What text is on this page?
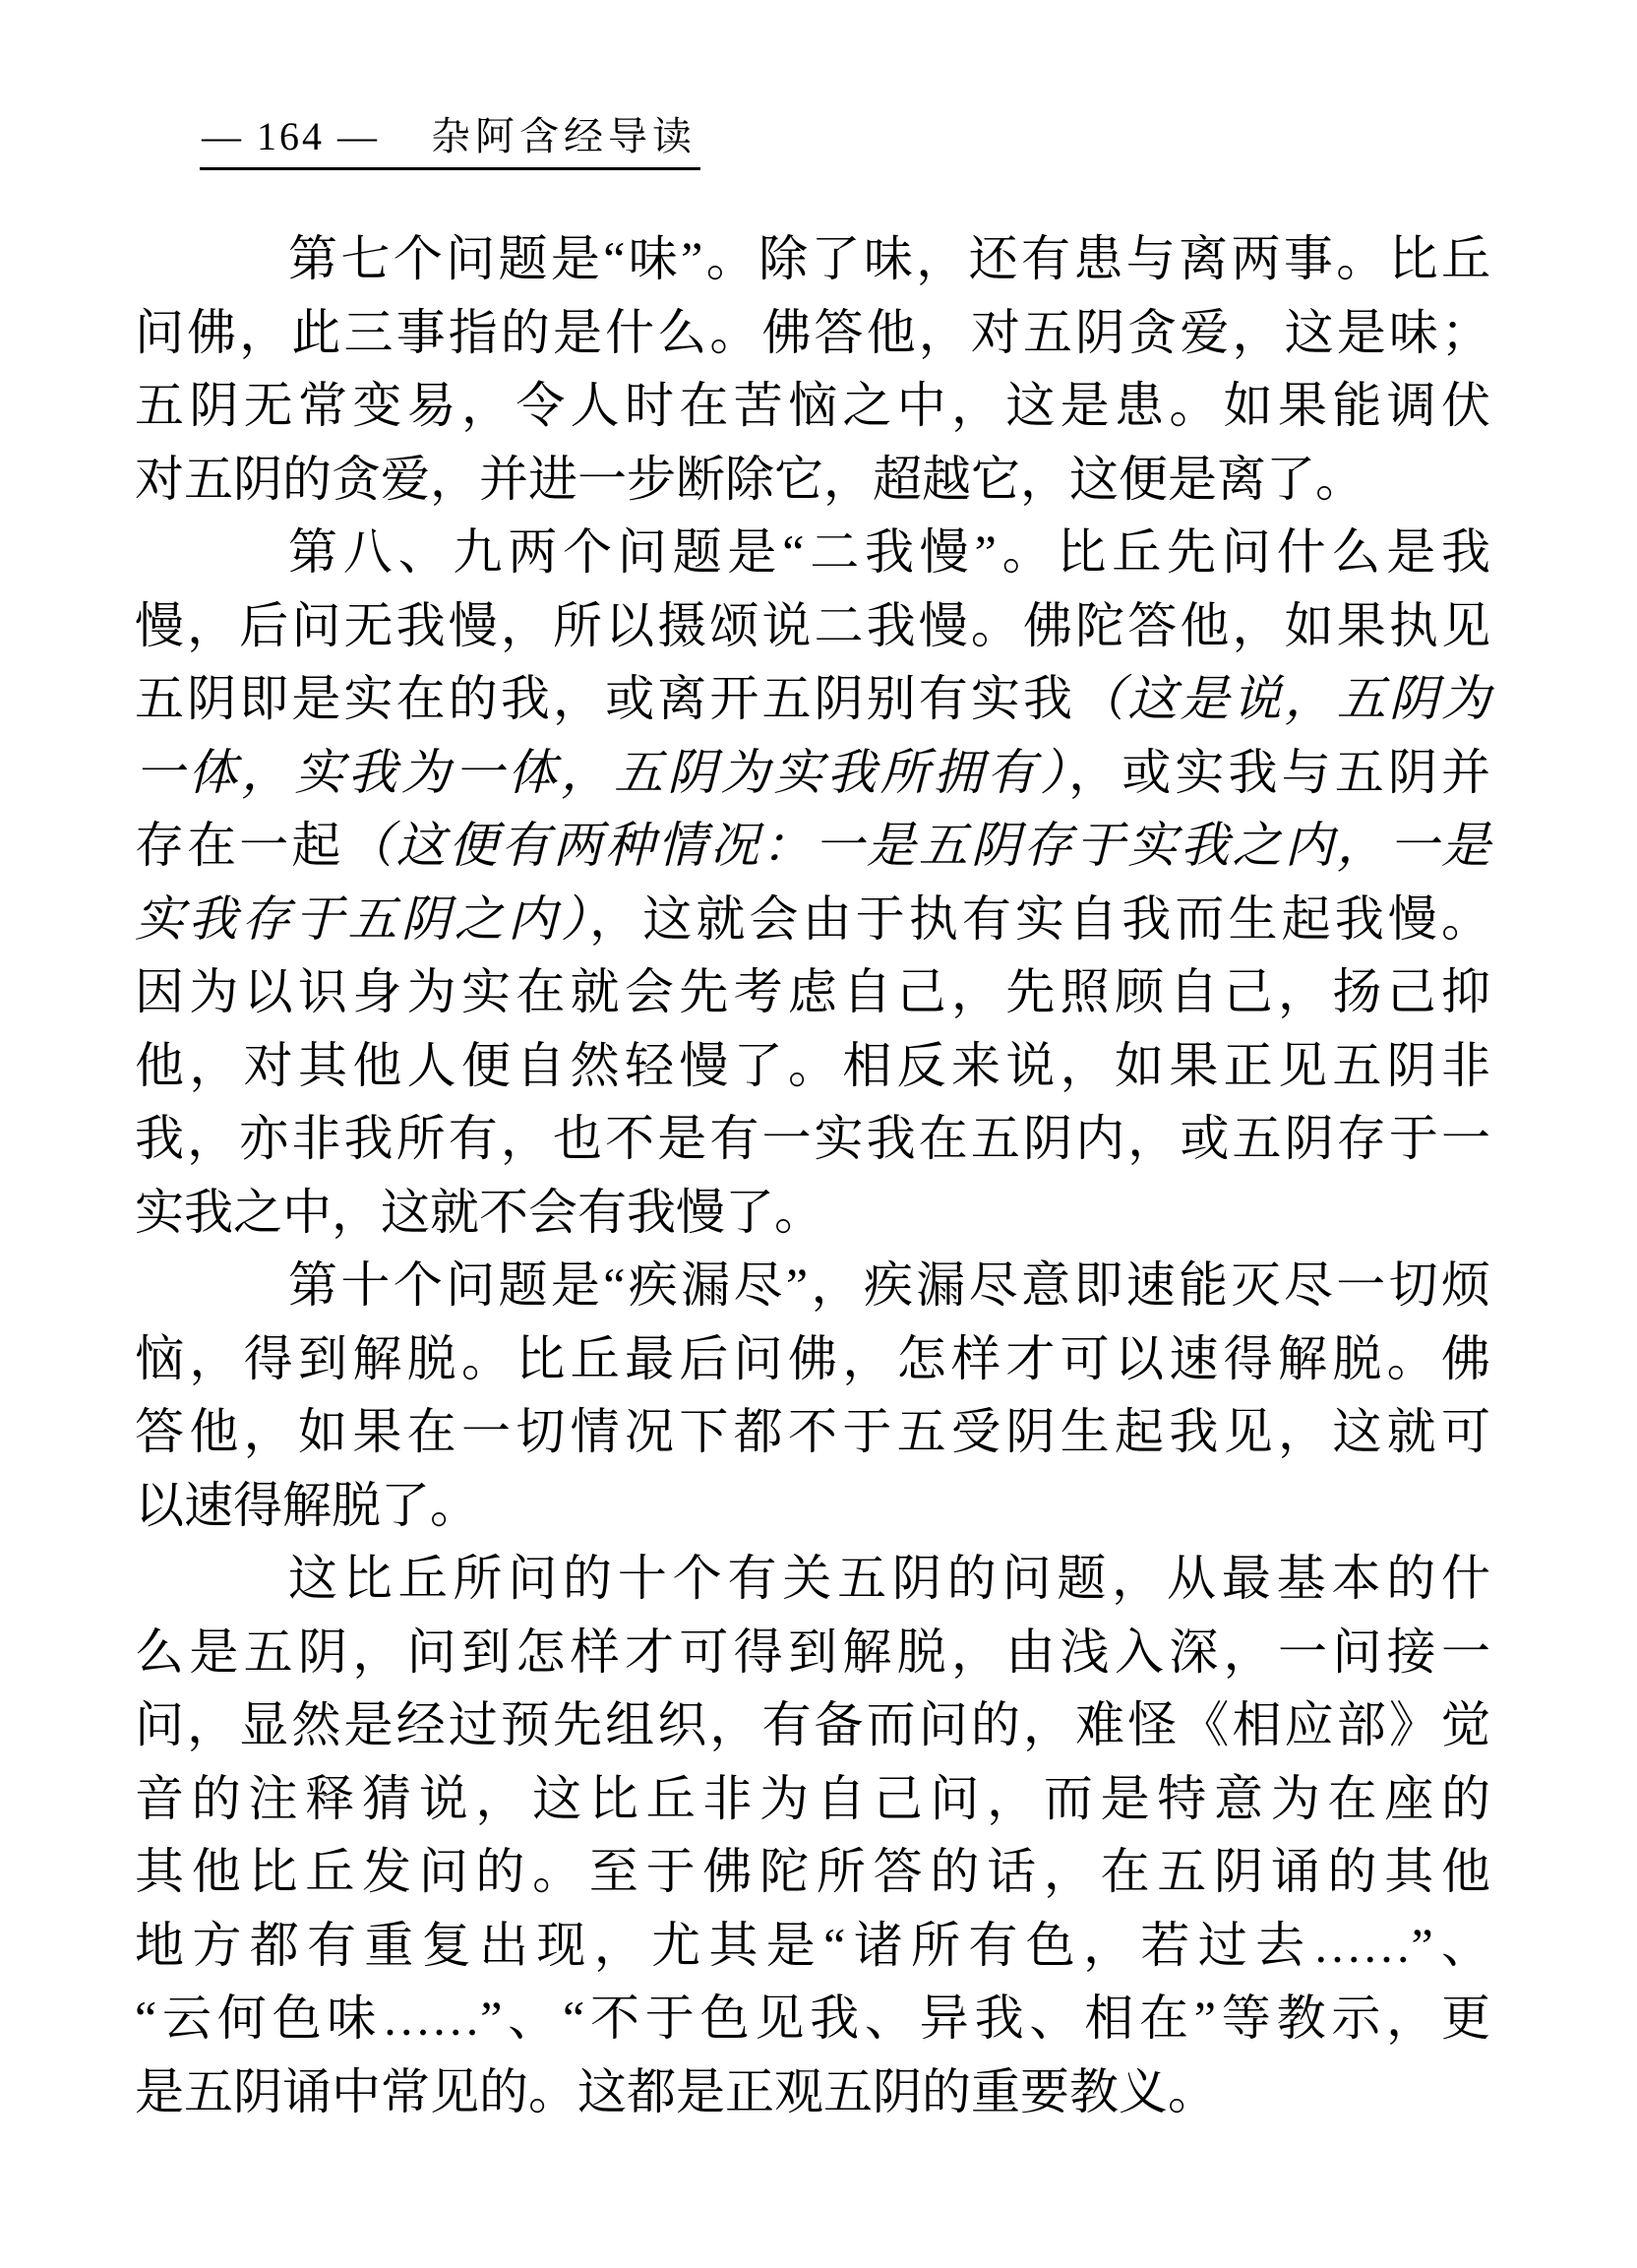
— 164 — 杂阿含经导读
第七个问题是“味”。除了味，还有患与离两事。比丘
问佛，此三事指的是什么。佛答他，对五阴贪爱，这是味；
五阴无常变易，令人时在苦恼之中，这是患。如果能调伏
对五阴的贪爱，并进一步断除它，超越它，这便是离了。
第八、九两个问题是“二我慢”。比丘先问什么是我
慢，后问无我慢，所以摄颂说二我慢。佛陀答他，如果执见
五阴即是实在的我，或离开五阴别有实我（这是说，五阴为
一体，实我为一体，五阴为实我所拥有），或实我与五阴并
存在一起（这便有两种情况：一是五阴存于实我之内，一是
实我存于五阴之内），这就会由于执有实自我而生起我慢。
因为以识身为实在就会先考虑自己，先照顾自己，扬己抑
他，对其他人便自然轻慢了。相反来说，如果正见五阴非
我，亦非我所有，也不是有一实我在五阴内，或五阴存于一
实我之中，这就不会有我慢了。
第十个问题是“疾漏尽”，疾漏尽意即速能灭尽一切烦
恼，得到解脱。比丘最后问佛，怎样才可以速得解脱。佛
答他，如果在一切情况下都不于五受阴生起我见，这就可
以速得解脱了。
这比丘所问的十个有关五阴的问题，从最基本的什
么是五阴，问到怎样才可得到解脱，由浅入深，一问接一
问，显然是经过预先组织，有备而问的，难怪《相应部》觉
音的注释猜说，这比丘非为自己问，而是特意为在座的
其他比丘发问的。至于佛陀所答的话，在五阴诵的其他
地方都有重复出现，尤其是“诸所有色，若过去……”、
“云何色味……”、“不于色见我、异我、相在”等教示，更
是五阴诵中常见的。这都是正观五阴的重要教义。
